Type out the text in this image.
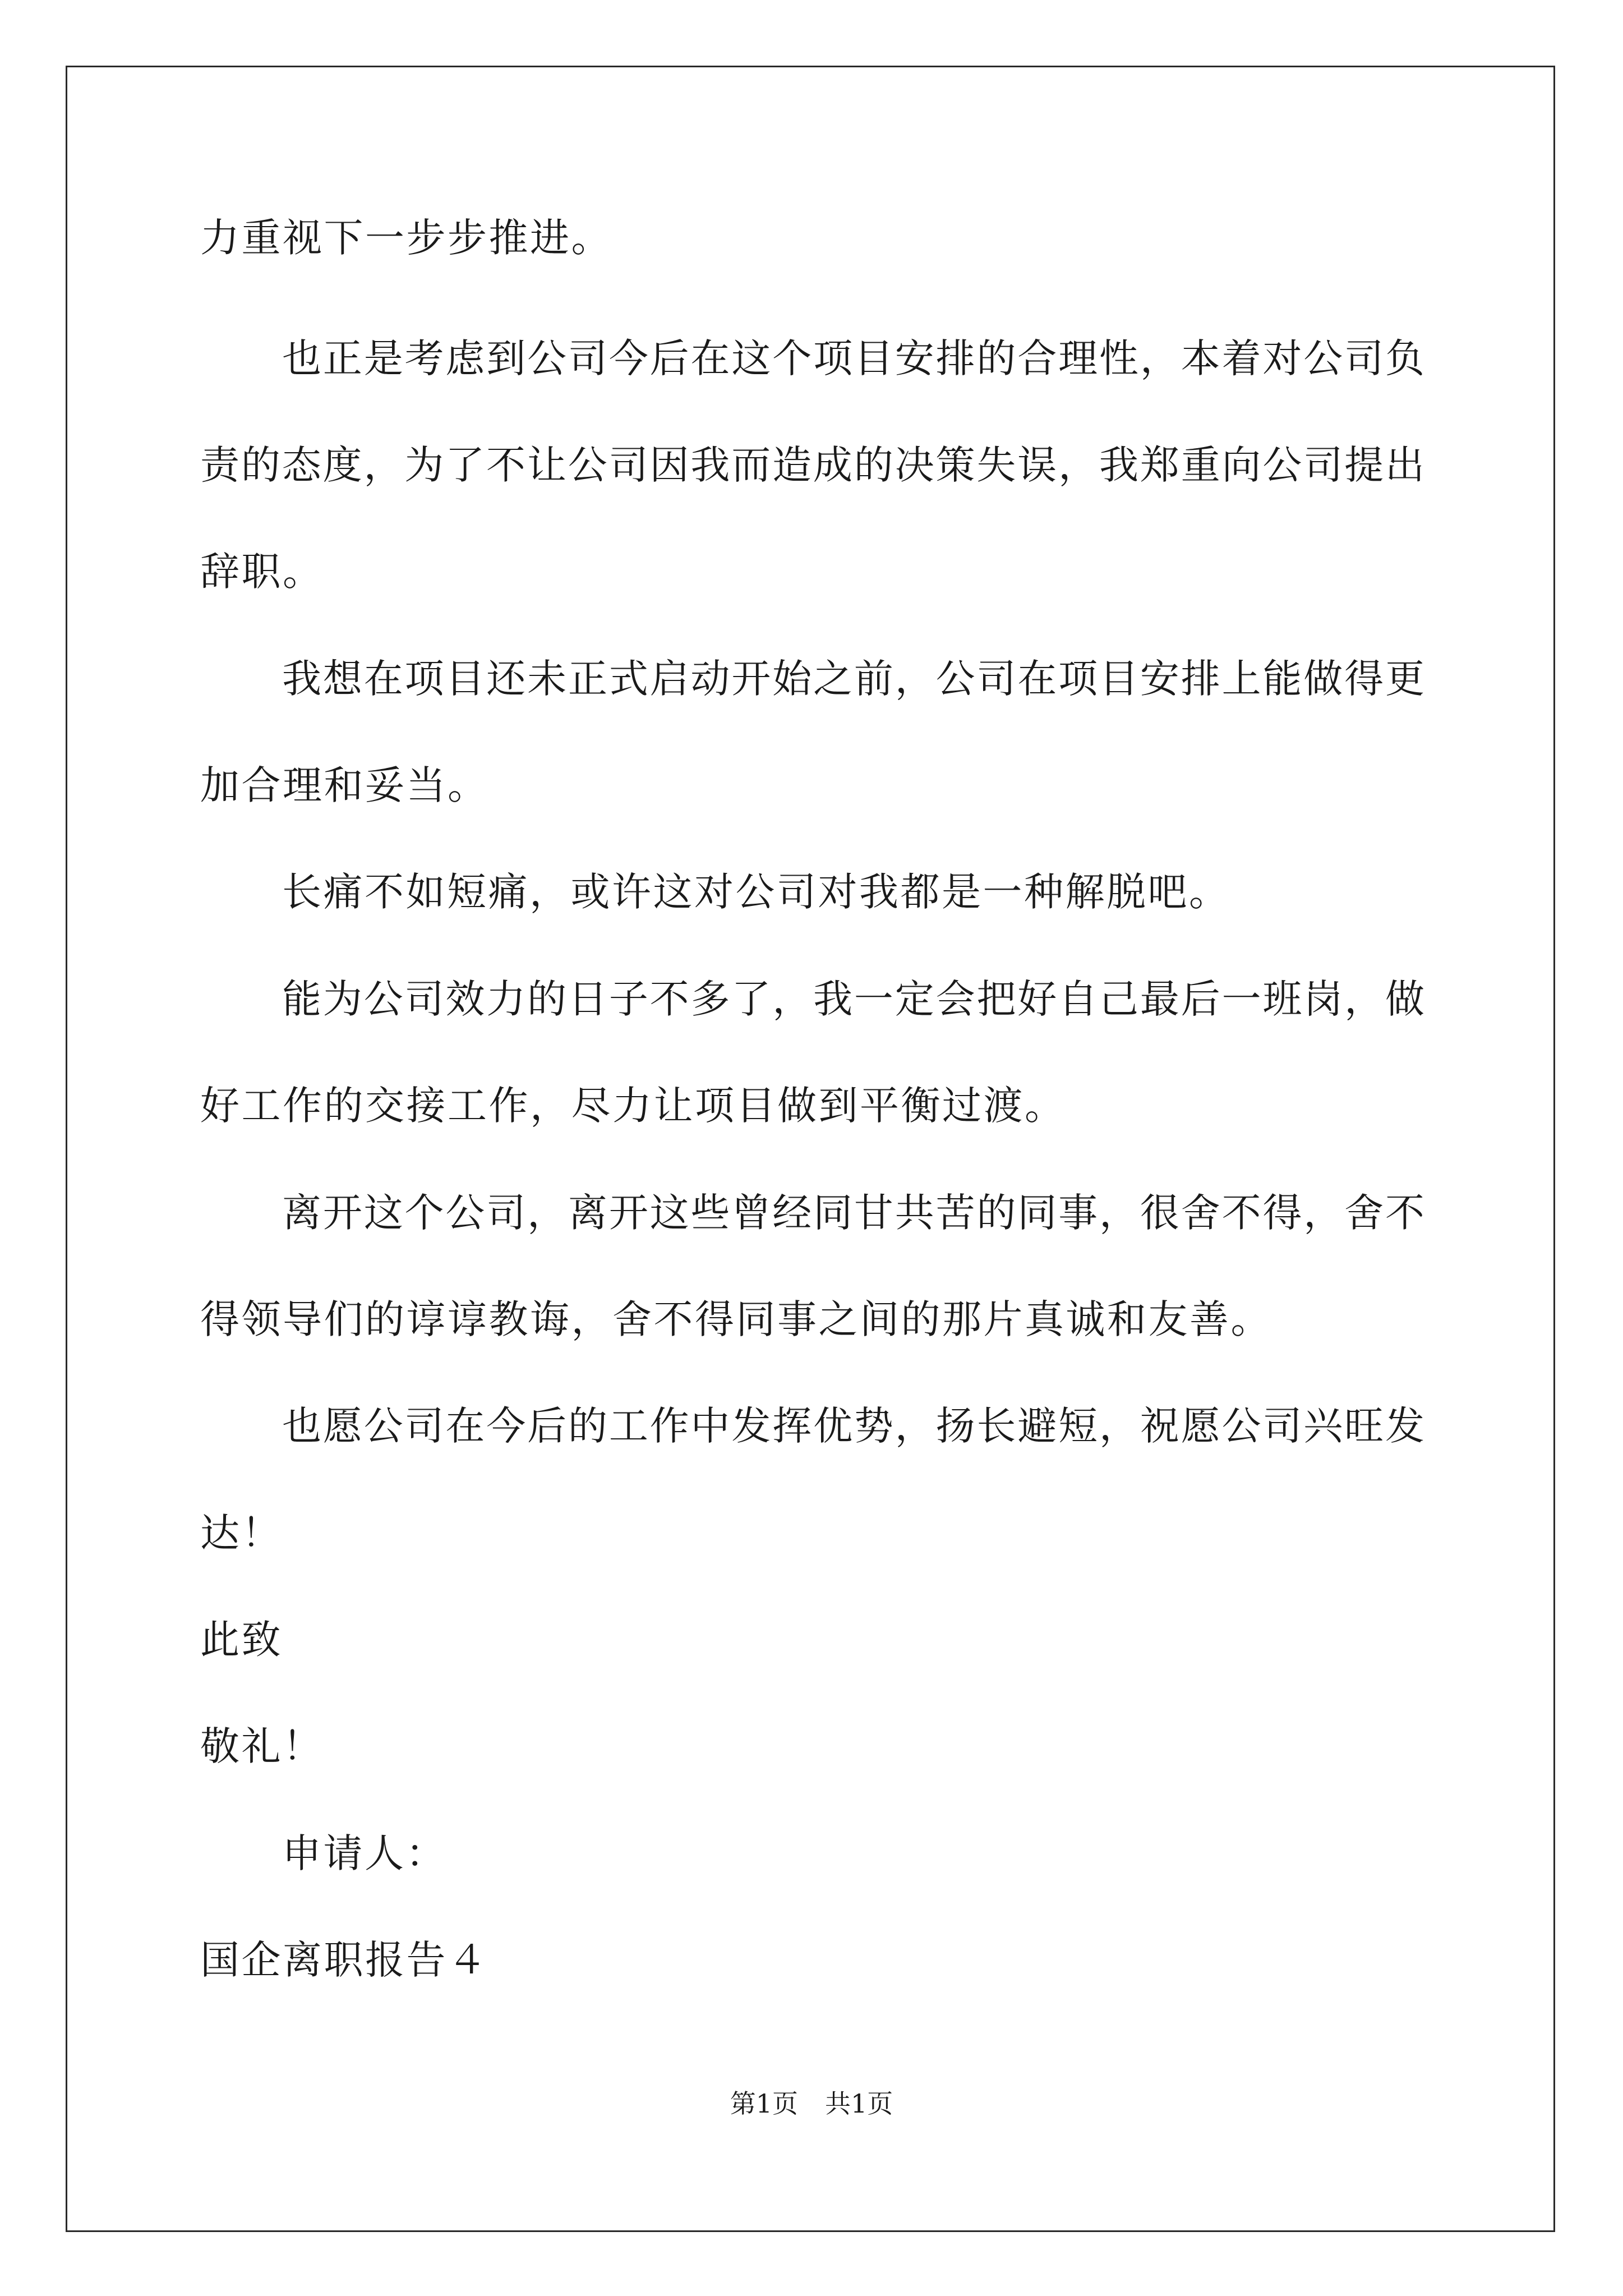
力重视下一步步推进。
也正是考虑到公司今后在这个项目安排的合理性，本着对公司负
责的态度，为了不让公司因我而造成的决策失误，我郑重向公司提出
辞职。
我想在项目还未正式启动开始之前，公司在项目安排上能做得更
加合理和妥当。
长痛不如短痛，或许这对公司对我都是一种解脱吧。
能为公司效力的日子不多了，我一定会把好自己最后一班岗，做
好工作的交接工作，尽力让项目做到平衡过渡。
离开这个公司，离开这些曾经同甘共苦的同事，很舍不得，舍不
得领导们的谆谆教诲，舍不得同事之间的那片真诚和友善。
也愿公司在今后的工作中发挥优势，扬长避短，祝愿公司兴旺发
达！
此致
敬礼！
申请人：
国企离职报告４
第1页 共1页
